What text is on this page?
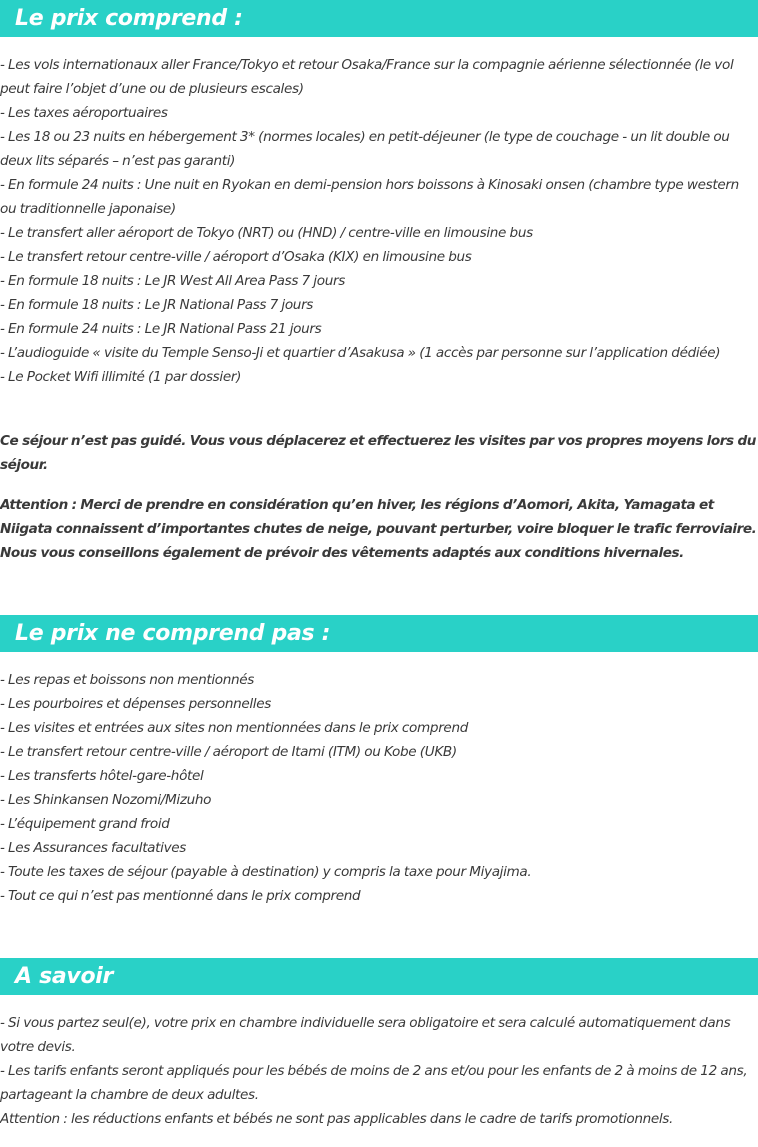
Le prix comprend :
- Les vols internationaux aller France/Tokyo et retour Osaka/France sur la compagnie aérienne sélectionnée (le vol peut faire l’objet d’une ou de plusieurs escales)
- Les taxes aéroportuaires
- Les 18 ou 23 nuits en hébergement 3* (normes locales) en petit-déjeuner (le type de couchage - un lit double ou deux lits séparés – n’est pas garanti)
- En formule 24 nuits : Une nuit en Ryokan en demi-pension hors boissons à Kinosaki onsen (chambre type western ou traditionnelle japonaise)
- Le transfert aller aéroport de Tokyo (NRT) ou (HND) / centre-ville en limousine bus
- Le transfert retour centre-ville / aéroport d’Osaka (KIX) en limousine bus
- En formule 18 nuits : Le JR West All Area Pass 7 jours
- En formule 18 nuits : Le JR National Pass 7 jours
- En formule 24 nuits : Le JR National Pass 21 jours
- L’audioguide « visite du Temple Senso-Ji et quartier d’Asakusa » (1 accès par personne sur l’application dédiée)
- Le Pocket Wifi illimité (1 par dossier)
Ce séjour n’est pas guidé. Vous vous déplacerez et effectuerez les visites par vos propres moyens lors du séjour.
Attention : Merci de prendre en considération qu’en hiver, les régions d’Aomori, Akita, Yamagata et Niigata connaissent d’importantes chutes de neige, pouvant perturber, voire bloquer le trafic ferroviaire. Nous vous conseillons également de prévoir des vêtements adaptés aux conditions hivernales.
Le prix ne comprend pas :
- Les repas et boissons non mentionnés
- Les pourboires et dépenses personnelles
- Les visites et entrées aux sites non mentionnées dans le prix comprend
- Le transfert retour centre-ville / aéroport de Itami (ITM) ou Kobe (UKB)
- Les transferts hôtel-gare-hôtel
- Les Shinkansen Nozomi/Mizuho
- L’équipement grand froid
- Les Assurances facultatives
- Toute les taxes de séjour (payable à destination) y compris la taxe pour Miyajima.
- Tout ce qui n’est pas mentionné dans le prix comprend
A savoir
- Si vous partez seul(e), votre prix en chambre individuelle sera obligatoire et sera calculé automatiquement dans votre devis.
- Les tarifs enfants seront appliqués pour les bébés de moins de 2 ans et/ou pour les enfants de 2 à moins de 12 ans, partageant la chambre de deux adultes.
Attention : les réductions enfants et bébés ne sont pas applicables dans le cadre de tarifs promotionnels.
